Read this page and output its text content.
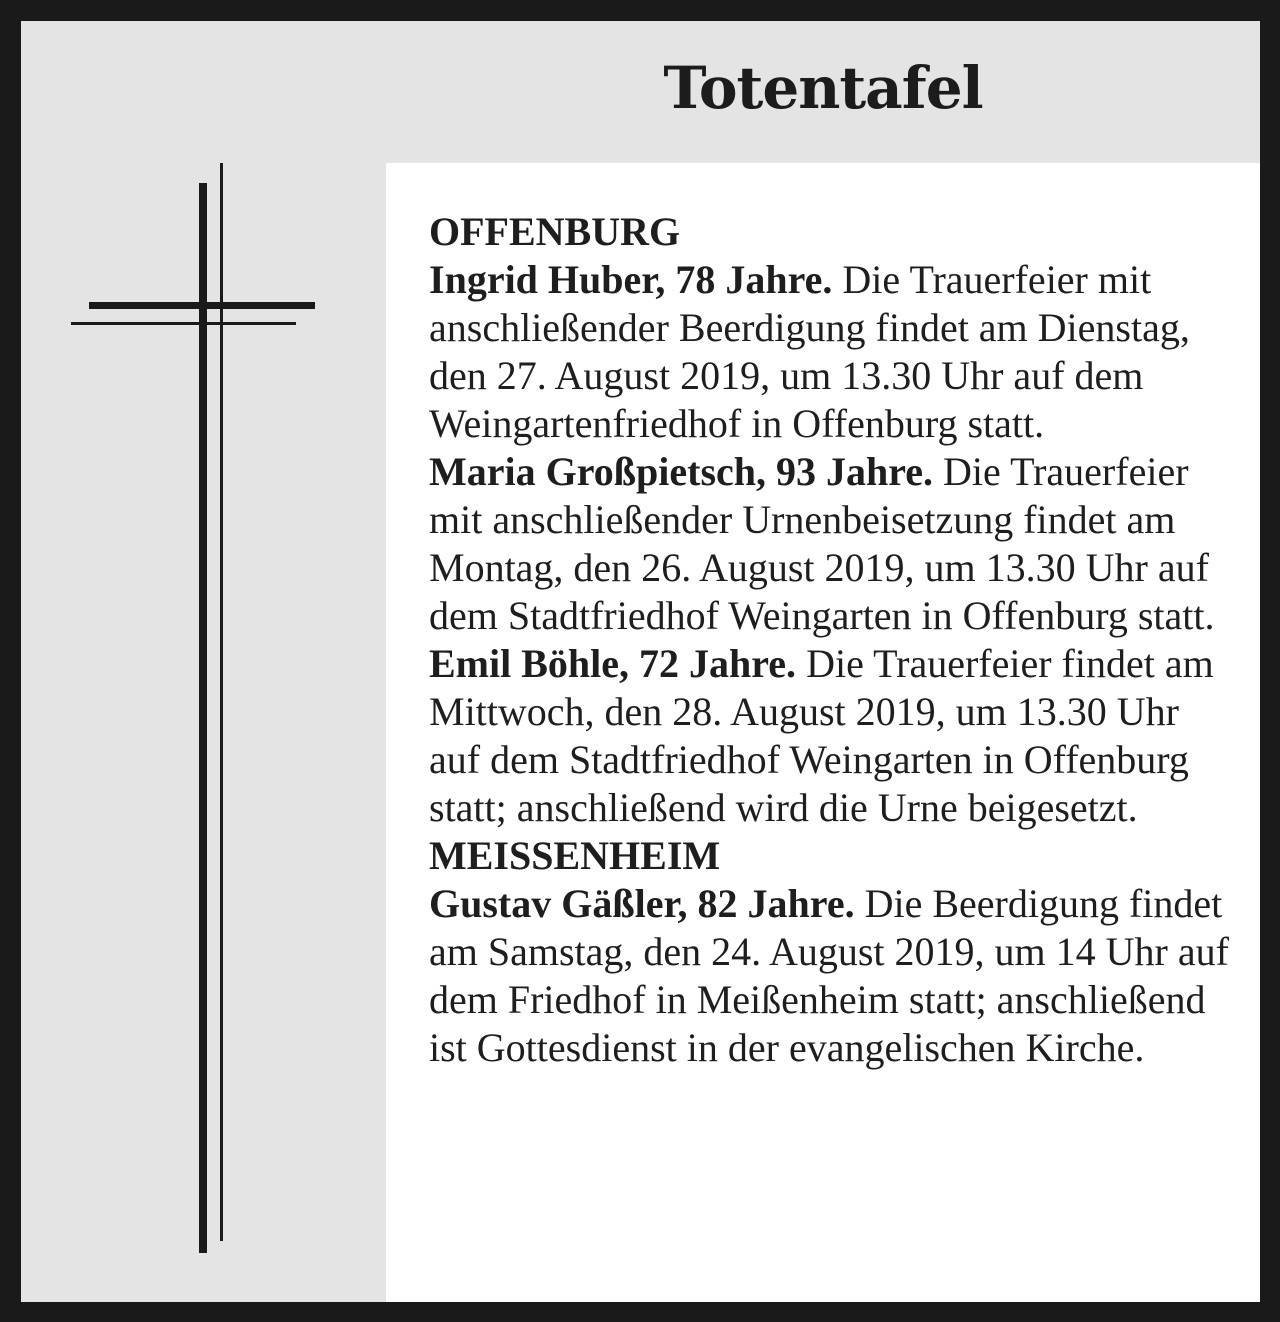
Totentafel

OFFENBURG

Ingrid Huber, 78 Jahre. Die Trauerfeier mit anschließender Beerdigung findet am Dienstag, den 27. August 2019, um 13.30 Uhr auf dem Weingartenfriedhof in Offenburg statt.

Maria Großpietsch, 93 Jahre. Die Trauerfeier mit anschließender Urnenbeisetzung findet am Montag, den 26. August 2019, um 13.30 Uhr auf dem Stadtfriedhof Weingarten in Offenburg statt.

Emil Böhle, 72 Jahre. Die Trauerfeier findet am Mittwoch, den 28. August 2019, um 13.30 Uhr auf dem Stadtfriedhof Weingarten in Offenburg statt; anschließend wird die Urne beigesetzt.

MEISSENHEIM

Gustav Gäßler, 82 Jahre. Die Beerdigung findet am Samstag, den 24. August 2019, um 14 Uhr auf dem Friedhof in Meißenheim statt; anschließend ist Gottesdienst in der evangelischen Kirche.
